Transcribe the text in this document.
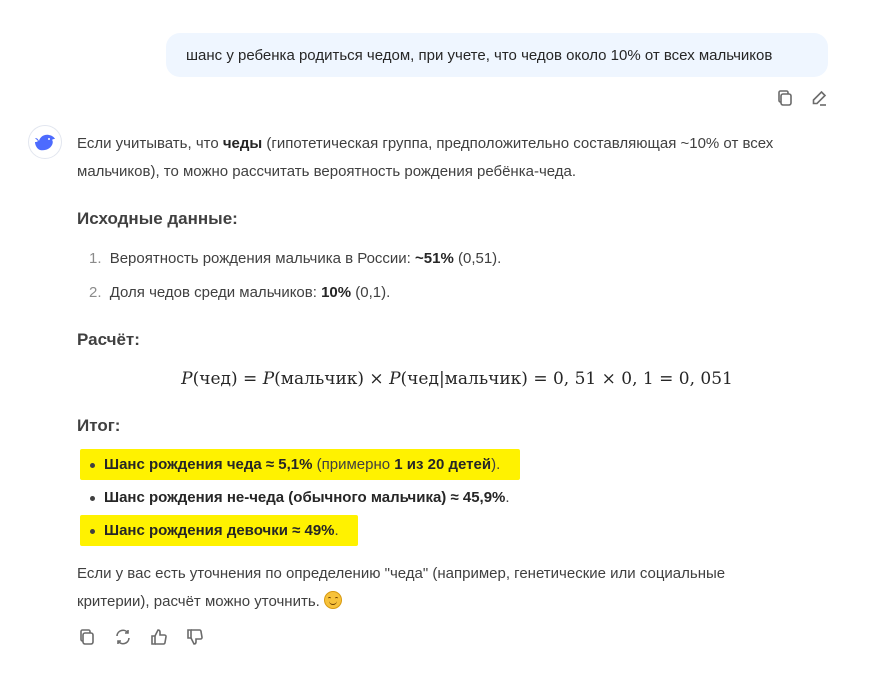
шанс у ребенка родиться чедом, при учете, что чедов около 10% от всех мальчиков

Если учитывать, что чеды (гипотетическая группа, предположительно составляющая ~10% от всех мальчиков), то можно рассчитать вероятность рождения ребёнка-чеда.

Исходные данные:
1. Вероятность рождения мальчика в России: ~51% (0,51).
2. Доля чедов среди мальчиков: 10% (0,1).
Расчёт:
P(чед) = P(мальчик) × P(чед|мальчик) = 0, 51 × 0, 1 = 0, 051
Итог:
Шанс рождения чеда ≈ 5,1% (примерно 1 из 20 детей).
Шанс рождения не-чеда (обычного мальчика) ≈ 45,9%.
Шанс рождения девочки ≈ 49%.

Если у вас есть уточнения по определению "чеда" (например, генетические или социальные критерии), расчёт можно уточнить.
